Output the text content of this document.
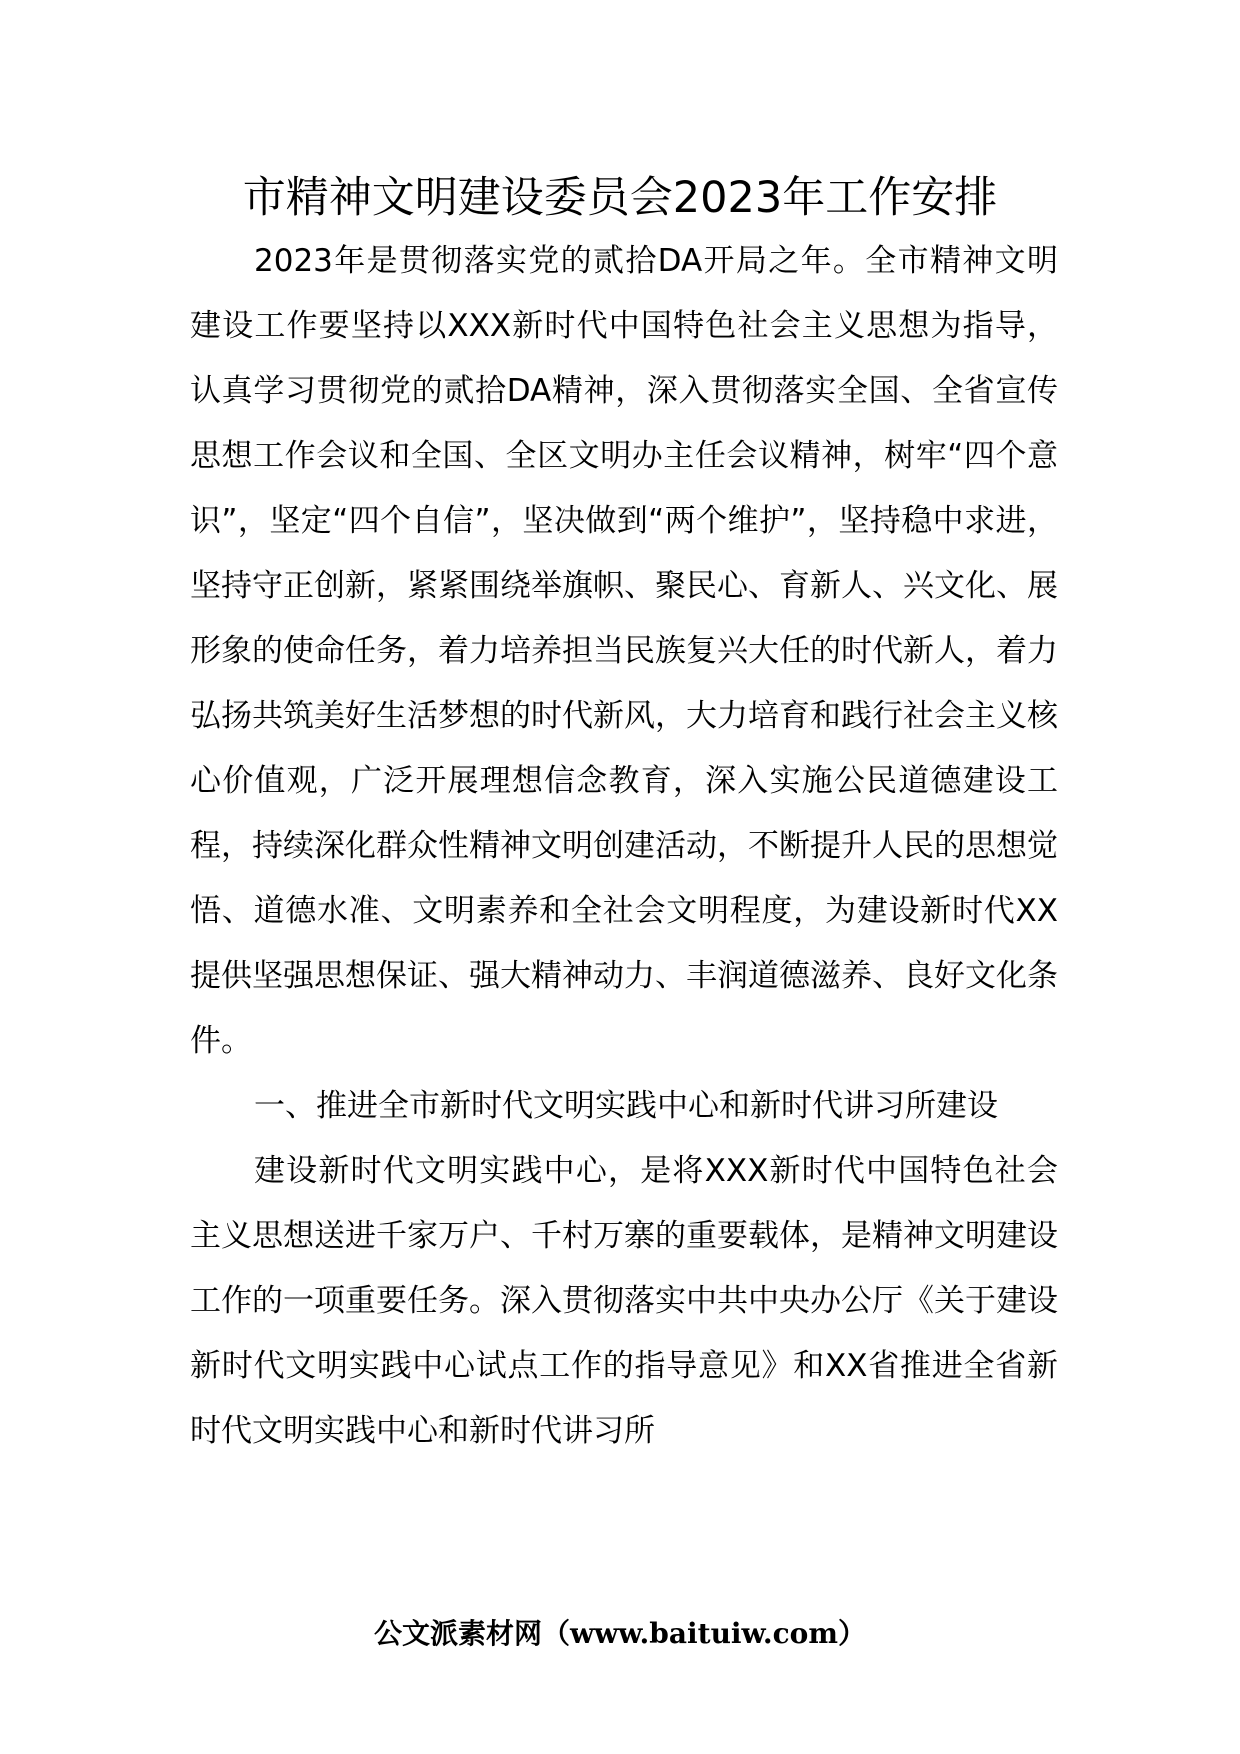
市精神文明建设委员会2023年工作安排

2023年是贯彻落实党的贰拾DA开局之年。全市精神文明建设工作要坚持以XXX新时代中国特色社会主义思想为指导，认真学习贯彻党的贰拾DA精神，深入贯彻落实全国、全省宣传思想工作会议和全国、全区文明办主任会议精神，树牢“四个意识”，坚定“四个自信”，坚决做到“两个维护”，坚持稳中求进，坚持守正创新，紧紧围绕举旗帜、聚民心、育新人、兴文化、展形象的使命任务，着力培养担当民族复兴大任的时代新人，着力弘扬共筑美好生活梦想的时代新风，大力培育和践行社会主义核心价值观，广泛开展理想信念教育，深入实施公民道德建设工程，持续深化群众性精神文明创建活动，不断提升人民的思想觉悟、道德水准、文明素养和全社会文明程度，为建设新时代XX提供坚强思想保证、强大精神动力、丰润道德滋养、良好文化条件。

一、推进全市新时代文明实践中心和新时代讲习所建设

建设新时代文明实践中心，是将XXX新时代中国特色社会主义思想送进千家万户、千村万寨的重要载体，是精神文明建设工作的一项重要任务。深入贯彻落实中共中央办公厅《关于建设新时代文明实践中心试点工作的指导意见》和XX省推进全省新时代文明实践中心和新时代讲习所

公文派素材网（www.baituiw.com）
